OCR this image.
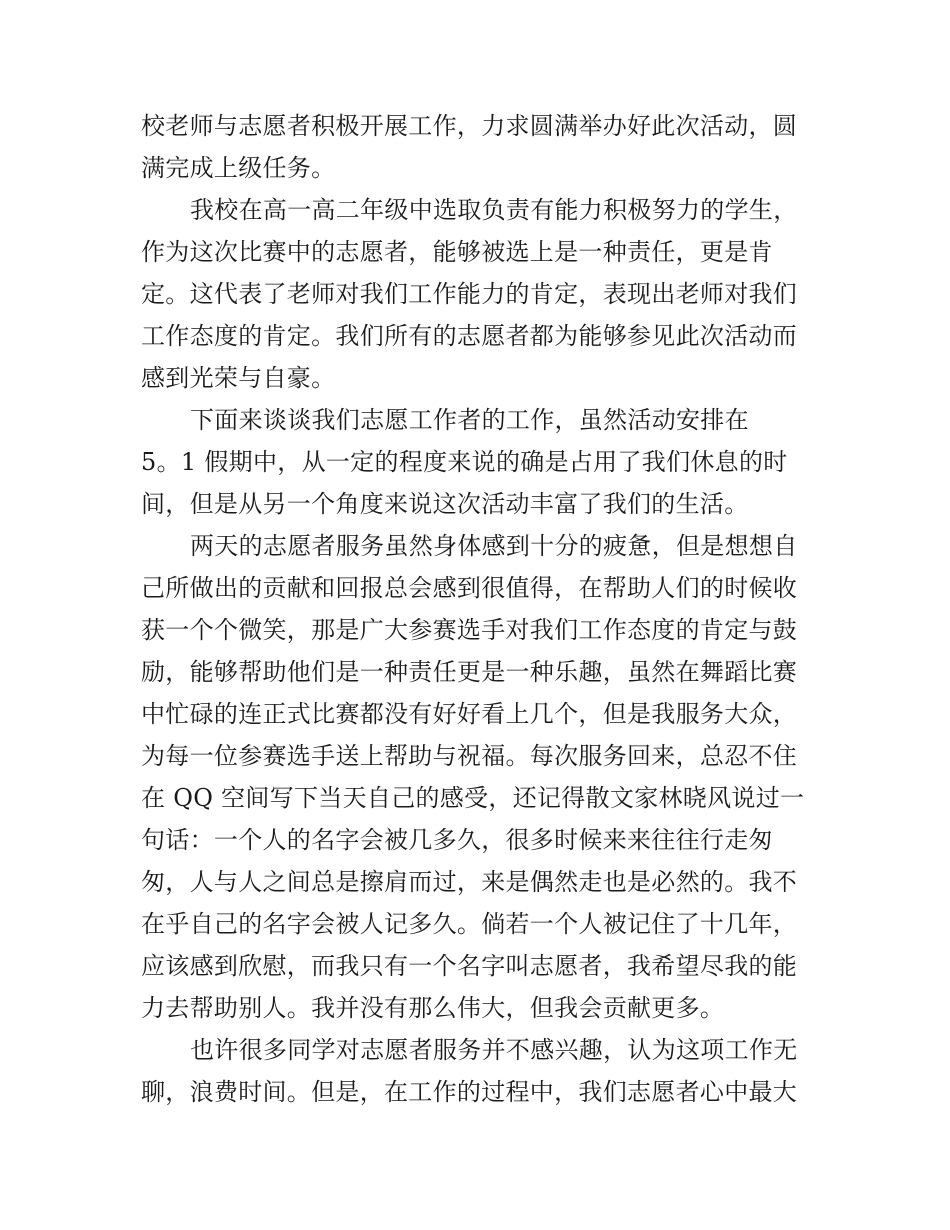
校老师与志愿者积极开展工作，力求圆满举办好此次活动，圆
满完成上级任务。
我校在高一高二年级中选取负责有能力积极努力的学生，
作为这次比赛中的志愿者，能够被选上是一种责任，更是肯
定。这代表了老师对我们工作能力的肯定，表现出老师对我们
工作态度的肯定。我们所有的志愿者都为能够参见此次活动而
感到光荣与自豪。
下面来谈谈我们志愿工作者的工作，虽然活动安排在
5。1 假期中，从一定的程度来说的确是占用了我们休息的时
间，但是从另一个角度来说这次活动丰富了我们的生活。
两天的志愿者服务虽然身体感到十分的疲惫，但是想想自
己所做出的贡献和回报总会感到很值得，在帮助人们的时候收
获一个个微笑，那是广大参赛选手对我们工作态度的肯定与鼓
励，能够帮助他们是一种责任更是一种乐趣，虽然在舞蹈比赛
中忙碌的连正式比赛都没有好好看上几个，但是我服务大众，
为每一位参赛选手送上帮助与祝福。每次服务回来，总忍不住
在 QQ 空间写下当天自己的感受，还记得散文家林晓风说过一
句话：一个人的名字会被几多久，很多时候来来往往行走匆
匆，人与人之间总是擦肩而过，来是偶然走也是必然的。我不
在乎自己的名字会被人记多久。倘若一个人被记住了十几年，
应该感到欣慰，而我只有一个名字叫志愿者，我希望尽我的能
力去帮助别人。我并没有那么伟大，但我会贡献更多。
也许很多同学对志愿者服务并不感兴趣，认为这项工作无
聊，浪费时间。但是，在工作的过程中，我们志愿者心中最大
